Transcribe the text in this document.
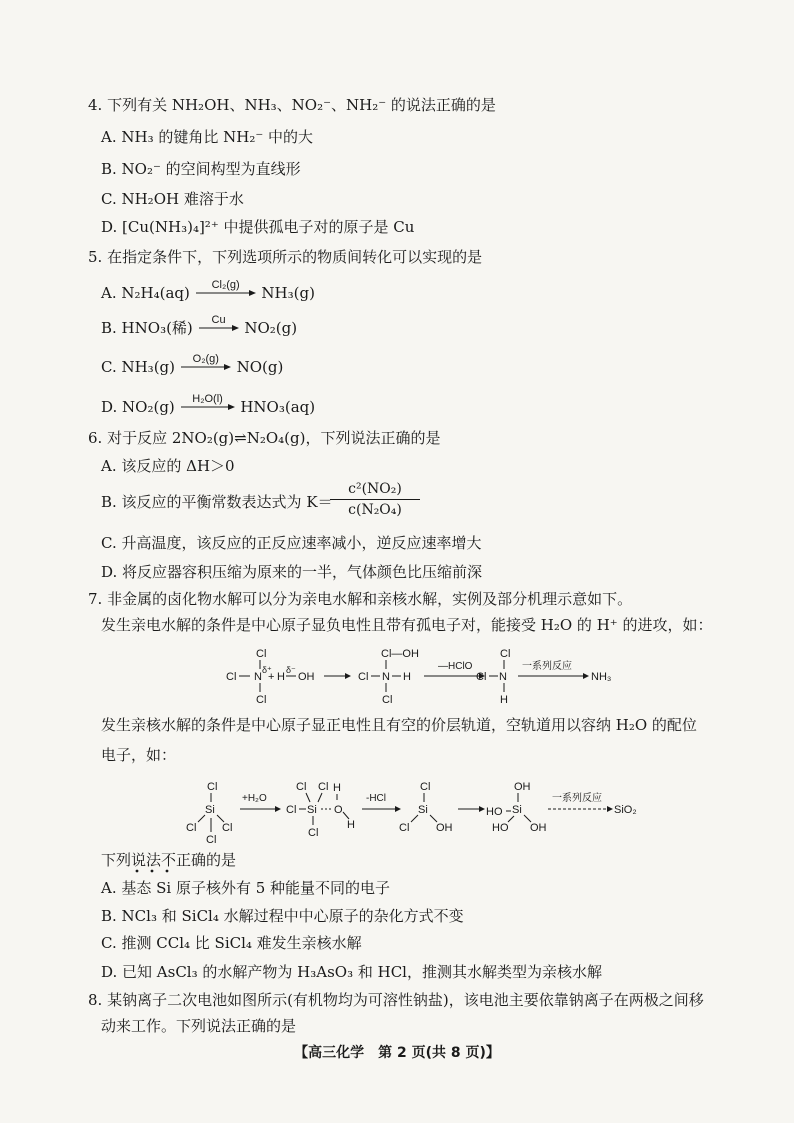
4. 下列有关 NH₂OH、NH₃、NO₂⁻、NH₂⁻ 的说法正确的是
A. NH₃ 的键角比 NH₂⁻ 中的大
B. NO₂⁻ 的空间构型为直线形
C. NH₂OH 难溶于水
D. [Cu(NH₃)₄]²⁺ 中提供孤电子对的原子是 Cu
5. 在指定条件下，下列选项所示的物质间转化可以实现的是
A. N₂H₄(aq)	Cl₂(g)	NH₃(g)
B. HNO₃(稀)	Cu	NO₂(g)
C. NH₃(g)	O₂(g)	NO(g)
D. NO₂(g)	H₂O(l)	HNO₃(aq)
6. 对于反应 2NO₂(g)⇌N₂O₄(g)，下列说法正确的是
A. 该反应的 ΔH＞0
B. 该反应的平衡常数表达式为 K＝
c²(NO₂)
c(N₂O₄)
C. 升高温度，该反应的正反应速率减小，逆反应速率增大
D. 将反应器容积压缩为原来的一半，气体颜色比压缩前深
7. 非金属的卤化物水解可以分为亲电水解和亲核水解，实例及部分机理示意如下。
发生亲电水解的条件是中心原子显负电性且带有孤电子对，能接受 H₂O 的 H⁺ 的进攻，如：
Cl
Cl N
δ⁺ δ⁻
+ H OH
Cl
Cl N
Cl—OH
H
Cl
—HClO
Cl
Cl N
H
一系列反应
NH₃
发生亲核水解的条件是中心原子显正电性且有空的价层轨道，空轨道用以容纳 H₂O 的配位
电子，如：
Cl
Si
Cl Cl
Cl
+H₂O
Cl Si
Cl Cl
O
H
H
Cl
-HCl
Cl
Si
Cl OH
OH
Si
HO
HO OH
一系列反应
SiO₂
下列说法不正确的是
A. 基态 Si 原子核外有 5 种能量不同的电子
B. NCl₃ 和 SiCl₄ 水解过程中中心原子的杂化方式不变
C. 推测 CCl₄ 比 SiCl₄ 难发生亲核水解
D. 已知 AsCl₃ 的水解产物为 H₃AsO₃ 和 HCl，推测其水解类型为亲核水解
8. 某钠离子二次电池如图所示(有机物均为可溶性钠盐)，该电池主要依靠钠离子在两极之间移
动来工作。下列说法正确的是
【高三化学　第 2 页(共 8 页)】
